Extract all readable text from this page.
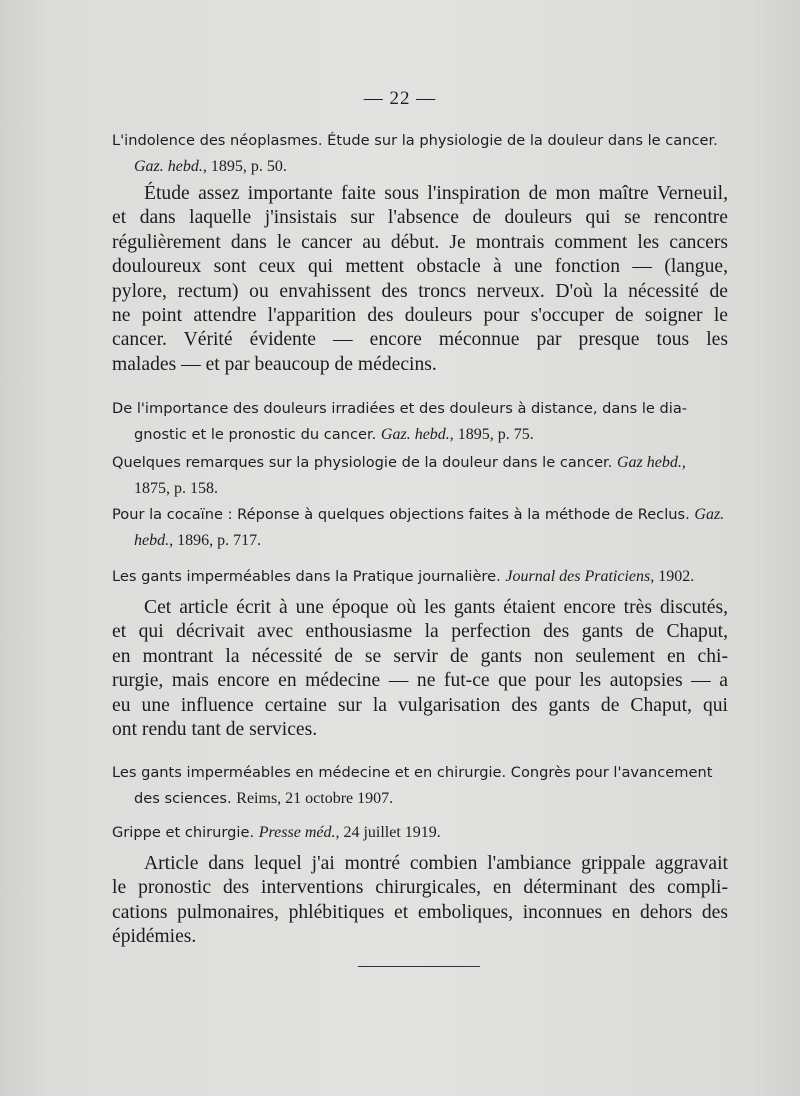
— 22 —
L'indolence des néoplasmes. Étude sur la physiologie de la douleur dans le cancer.
Gaz. hebd., 1895, p. 50.
Étude assez importante faite sous l'inspiration de mon maître Verneuil,
et dans laquelle j'insistais sur l'absence de douleurs qui se rencontre
régulièrement dans le cancer au début. Je montrais comment les cancers
douloureux sont ceux qui mettent obstacle à une fonction — (langue,
pylore, rectum) ou envahissent des troncs nerveux. D'où la nécessité de
ne point attendre l'apparition des douleurs pour s'occuper de soigner le
cancer. Vérité évidente — encore méconnue par presque tous les
malades — et par beaucoup de médecins.
De l'importance des douleurs irradiées et des douleurs à distance, dans le dia-
gnostic et le pronostic du cancer. Gaz. hebd., 1895, p. 75.
Quelques remarques sur la physiologie de la douleur dans le cancer. Gaz hebd.,
1875, p. 158.
Pour la cocaïne : Réponse à quelques objections faites à la méthode de Reclus. Gaz.
hebd., 1896, p. 717.
Les gants imperméables dans la Pratique journalière. Journal des Praticiens, 1902.
Cet article écrit à une époque où les gants étaient encore très discutés,
et qui décrivait avec enthousiasme la perfection des gants de Chaput,
en montrant la nécessité de se servir de gants non seulement en chi-
rurgie, mais encore en médecine — ne fut-ce que pour les autopsies — a
eu une influence certaine sur la vulgarisation des gants de Chaput, qui
ont rendu tant de services.
Les gants imperméables en médecine et en chirurgie. Congrès pour l'avancement
des sciences. Reims, 21 octobre 1907.
Grippe et chirurgie. Presse méd., 24 juillet 1919.
Article dans lequel j'ai montré combien l'ambiance grippale aggravait
le pronostic des interventions chirurgicales, en déterminant des compli-
cations pulmonaires, phlébitiques et emboliques, inconnues en dehors des
épidémies.
